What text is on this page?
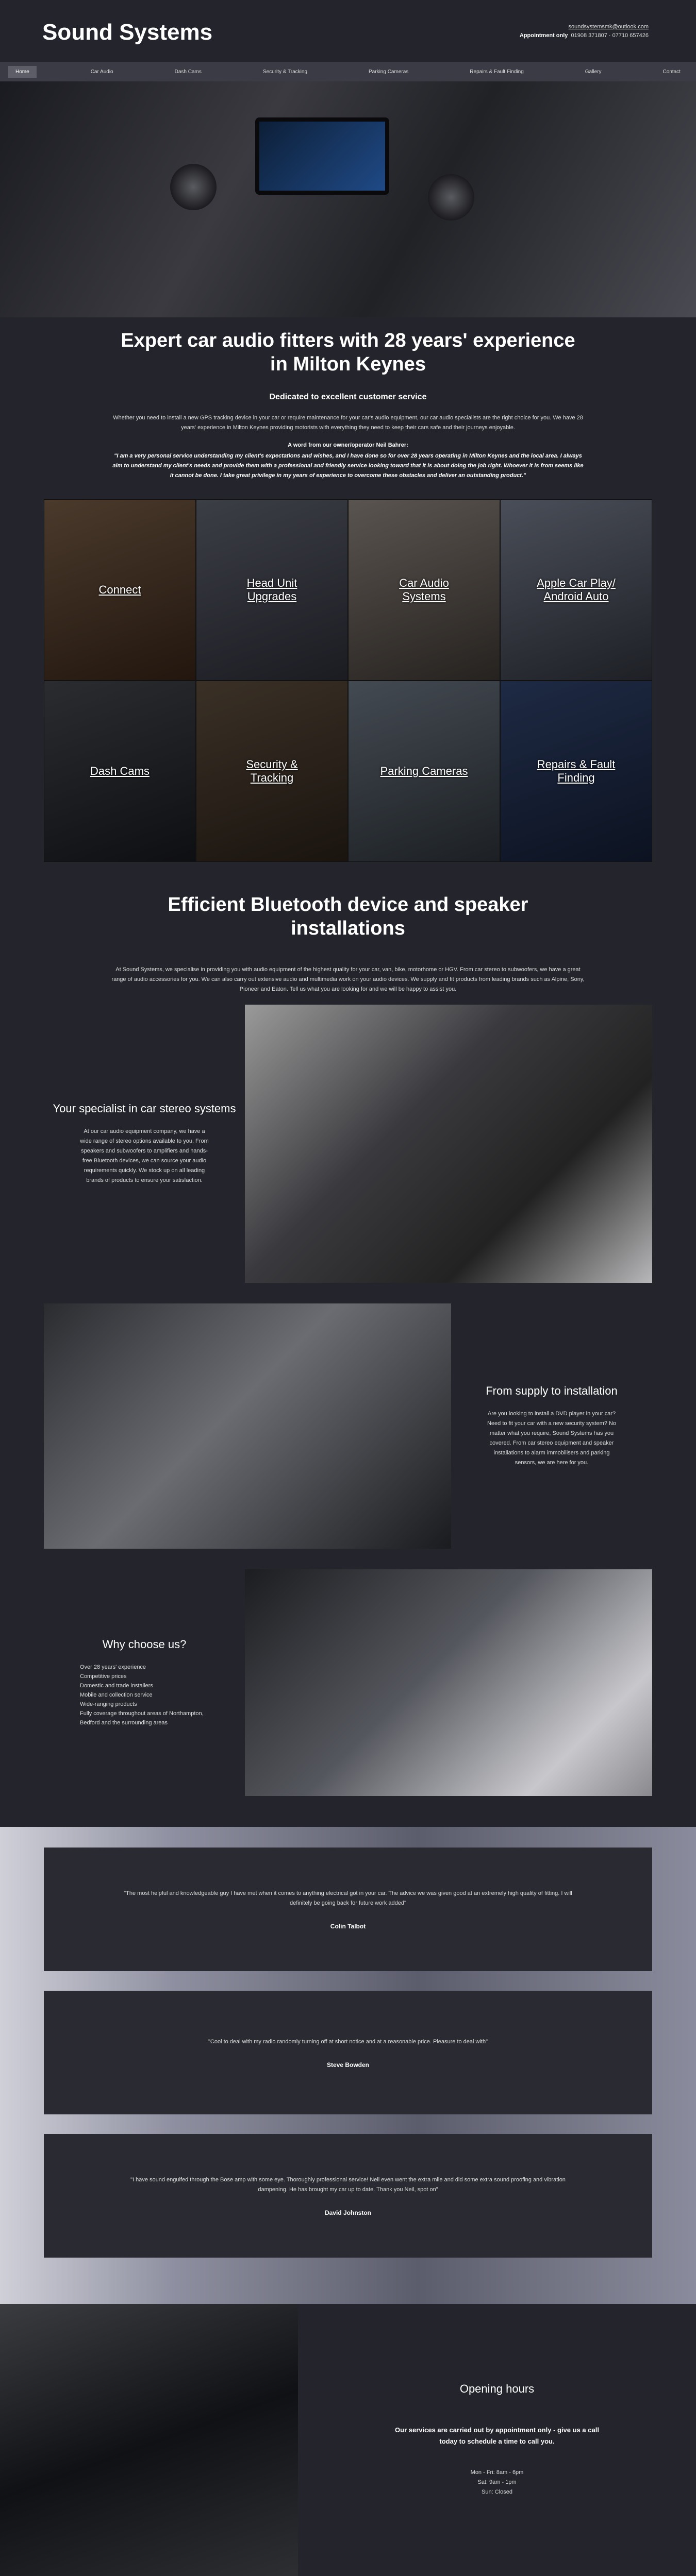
Sound Systems	soundsystemsmk@outlook.com
Appointment only 01908 371807 · 07710 657426
Home	Car Audio	Dash Cams	Security & Tracking	Parking Cameras	Repairs & Fault Finding	Gallery	Contact
Expert car audio fitters with 28 years' experience in Milton Keynes
Dedicated to excellent customer service

Whether you need to install a new GPS tracking device in your car or require maintenance for your car's audio equipment, our car audio specialists are the right choice for you. We have 28 years' experience in Milton Keynes providing motorists with everything they need to keep their cars safe and their journeys enjoyable.

A word from our owner/operator Neil Bahrer:

"I am a very personal service understanding my client's expectations and wishes, and I have done so for over 28 years operating in Milton Keynes and the local area. I always aim to understand my client's needs and provide them with a professional and friendly service looking toward that it is about doing the job right. Whoever it is from seems like it cannot be done. I take great privilege in my years of experience to overcome these obstacles and deliver an outstanding product."

Connect
Head Unit Upgrades
Car Audio Systems
Apple Car Play/ Android Auto
Dash Cams
Security & Tracking
Parking Cameras
Repairs & Fault Finding
Efficient Bluetooth device and speaker installations

At Sound Systems, we specialise in providing you with audio equipment of the highest quality for your car, van, bike, motorhome or HGV. From car stereo to subwoofers, we have a great range of audio accessories for you. We can also carry out extensive audio and multimedia work on your audio devices. We supply and fit products from leading brands such as Alpine, Sony, Pioneer and Eaton. Tell us what you are looking for and we will be happy to assist you.

Your specialist in car stereo systems

At our car audio equipment company, we have a wide range of stereo options available to you. From speakers and subwoofers to amplifiers and hands-free Bluetooth devices, we can source your audio requirements quickly. We stock up on all leading brands of products to ensure your satisfaction.

From supply to installation

Are you looking to install a DVD player in your car? Need to fit your car with a new security system? No matter what you require, Sound Systems has you covered. From car stereo equipment and speaker installations to alarm immobilisers and parking sensors, we are here for you.

Why choose us?
Over 28 years' experience
Competitive prices
Domestic and trade installers
Mobile and collection service
Wide-ranging products
Fully coverage throughout areas of Northampton, Bedford and the surrounding areas

"The most helpful and knowledgeable guy I have met when it comes to anything electrical got in your car. The advice we was given good at an extremely high quality of fitting. I will definitely be going back for future work added"

Colin Talbot

"Cool to deal with my radio randomly turning off at short notice and at a reasonable price. Pleasure to deal with"

Steve Bowden

"I have sound engulfed through the Bose amp with some eye. Thoroughly professional service! Neil even went the extra mile and did some extra sound proofing and vibration dampening. He has brought my car up to date. Thank you Neil, spot on"

David Johnston
Opening hours

Our services are carried out by appointment only - give us a call today to schedule a time to call you.

Mon - Fri: 8am - 6pm
Sat: 9am - 1pm
Sun: Closed
